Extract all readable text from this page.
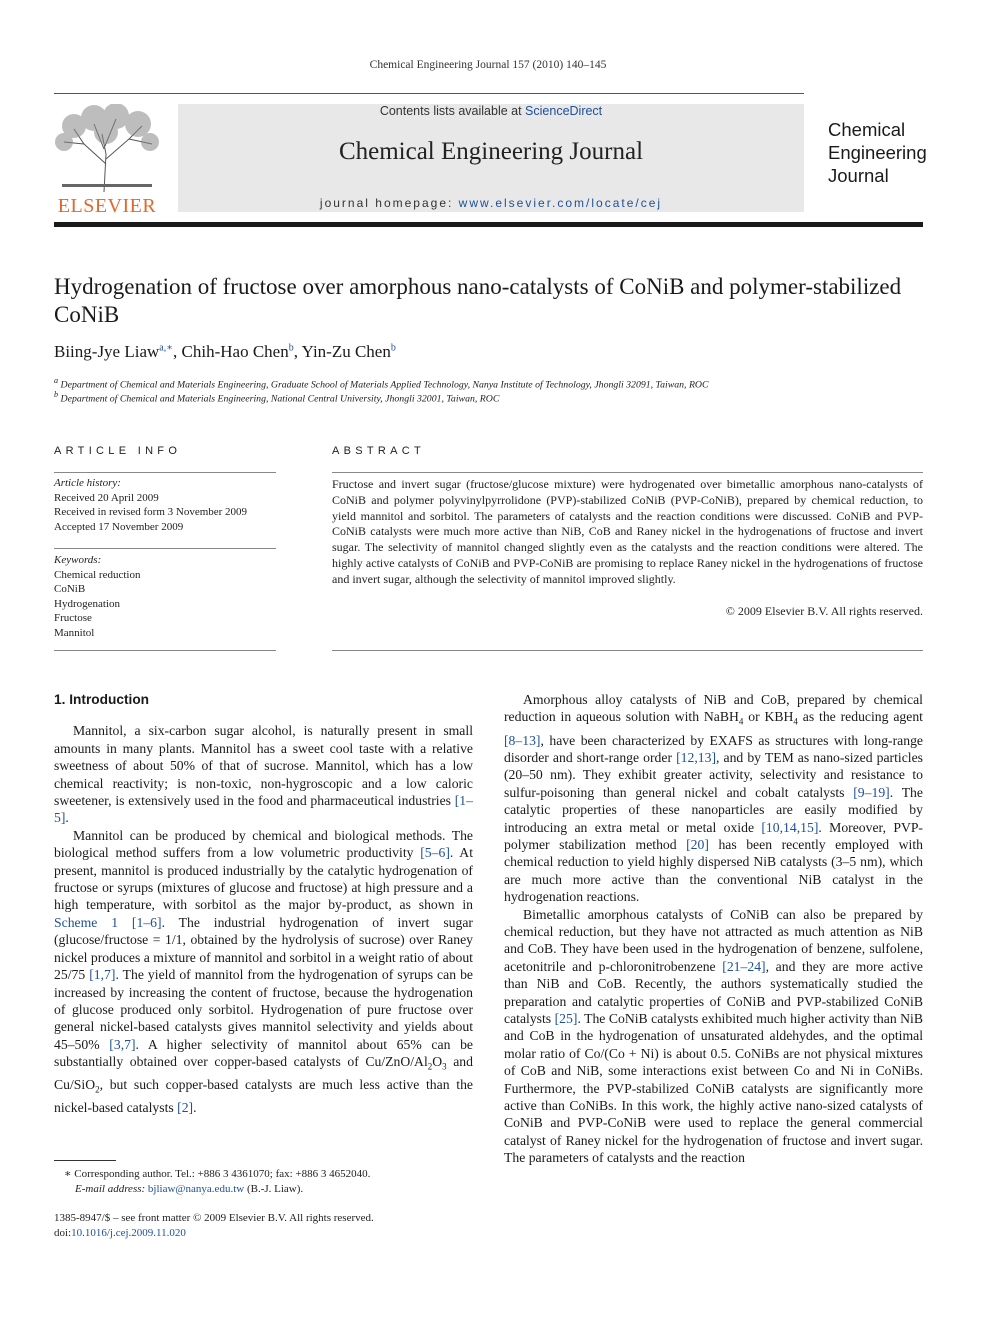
Chemical Engineering Journal 157 (2010) 140–145
ELSEVIER
Contents lists available at ScienceDirect
Chemical Engineering Journal
journal homepage: www.elsevier.com/locate/cej
Chemical
Engineering
Journal
Hydrogenation of fructose over amorphous nano-catalysts of CoNiB and polymer-stabilized CoNiB
Biing-Jye Liaw$^{a,∗}$, Chih-Hao Chen$^b$, Yin-Zu Chen$^b$
$^a$ Department of Chemical and Materials Engineering, Graduate School of Materials Applied Technology, Nanya Institute of Technology, Jhongli 32091, Taiwan, ROC
$^b$ Department of Chemical and Materials Engineering, National Central University, Jhongli 32001, Taiwan, ROC
ARTICLE INFO
Article history:
Received 20 April 2009
Received in revised form 3 November 2009
Accepted 17 November 2009
Keywords:
Chemical reduction
CoNiB
Hydrogenation
Fructose
Mannitol
ABSTRACT
Fructose and invert sugar (fructose/glucose mixture) were hydrogenated over bimetallic amorphous nano-catalysts of CoNiB and polymer polyvinylpyrrolidone (PVP)-stabilized CoNiB (PVP-CoNiB), prepared by chemical reduction, to yield mannitol and sorbitol. The parameters of catalysts and the reaction conditions were discussed. CoNiB and PVP-CoNiB catalysts were much more active than NiB, CoB and Raney nickel in the hydrogenations of fructose and invert sugar. The selectivity of mannitol changed slightly even as the catalysts and the reaction conditions were altered. The highly active catalysts of CoNiB and PVP-CoNiB are promising to replace Raney nickel in the hydrogenations of fructose and invert sugar, although the selectivity of mannitol improved slightly.
© 2009 Elsevier B.V. All rights reserved.
1. Introduction

Mannitol, a six-carbon sugar alcohol, is naturally present in small amounts in many plants. Mannitol has a sweet cool taste with a relative sweetness of about 50% of that of sucrose. Mannitol, which has a low chemical reactivity; is non-toxic, non-hygroscopic and a low caloric sweetener, is extensively used in the food and pharmaceutical industries [1–5].

Mannitol can be produced by chemical and biological methods. The biological method suffers from a low volumetric productivity [5–6]. At present, mannitol is produced industrially by the catalytic hydrogenation of fructose or syrups (mixtures of glucose and fructose) at high pressure and a high temperature, with sorbitol as the major by-product, as shown in Scheme 1 [1–6]. The industrial hydrogenation of invert sugar (glucose/fructose = 1/1, obtained by the hydrolysis of sucrose) over Raney nickel produces a mixture of mannitol and sorbitol in a weight ratio of about 25/75 [1,7]. The yield of mannitol from the hydrogenation of syrups can be increased by increasing the content of fructose, because the hydrogenation of glucose produced only sorbitol. Hydrogenation of pure fructose over general nickel-based catalysts gives mannitol selectivity and yields about 45–50% [3,7]. A higher selectivity of mannitol about 65% can be substantially obtained over copper-based catalysts of $Cu/ZnO/Al_2O_3$ and Cu/SiO$_2$, but such copper-based catalysts are much less active than the nickel-based catalysts [2].

Amorphous alloy catalysts of NiB and CoB, prepared by chemical reduction in aqueous solution with NaBH$_4$ or $KBH_4$ as the reducing agent [8–13], have been characterized by EXAFS as structures with long-range disorder and short-range order [12,13], and by TEM as nano-sized particles (20–50 nm). They exhibit greater activity, selectivity and resistance to sulfur-poisoning than general nickel and cobalt catalysts [9–19]. The catalytic properties of these nanoparticles are easily modified by introducing an extra metal or metal oxide [10,14,15]. Moreover, PVP-polymer stabilization method [20] has been recently employed with chemical reduction to yield highly dispersed NiB catalysts (3–5 nm), which are much more active than the conventional NiB catalyst in the hydrogenation reactions.

Bimetallic amorphous catalysts of CoNiB can also be prepared by chemical reduction, but they have not attracted as much attention as NiB and CoB. They have been used in the hydrogenation of benzene, sulfolene, acetonitrile and p-chloronitrobenzene [21–24], and they are more active than NiB and CoB. Recently, the authors systematically studied the preparation and catalytic properties of CoNiB and PVP-stabilized CoNiB catalysts [25]. The CoNiB catalysts exhibited much higher activity than NiB and CoB in the hydrogenation of unsaturated aldehydes, and the optimal molar ratio of Co/(Co + Ni) is about 0.5. CoNiBs are not physical mixtures of CoB and NiB, some interactions exist between Co and Ni in CoNiBs. Furthermore, the PVP-stabilized CoNiB catalysts are significantly more active than CoNiBs. In this work, the highly active nano-sized catalysts of CoNiB and PVP-CoNiB were used to replace the general commercial catalyst of Raney nickel for the hydrogenation of fructose and invert sugar. The parameters of catalysts and the reaction

∗ Corresponding author. Tel.: +886 3 4361070; fax: +886 3 4652040.
E-mail address: bjliaw@nanya.edu.tw (B.-J. Liaw).
1385-8947/$ – see front matter © 2009 Elsevier B.V. All rights reserved.
doi:10.1016/j.cej.2009.11.020
